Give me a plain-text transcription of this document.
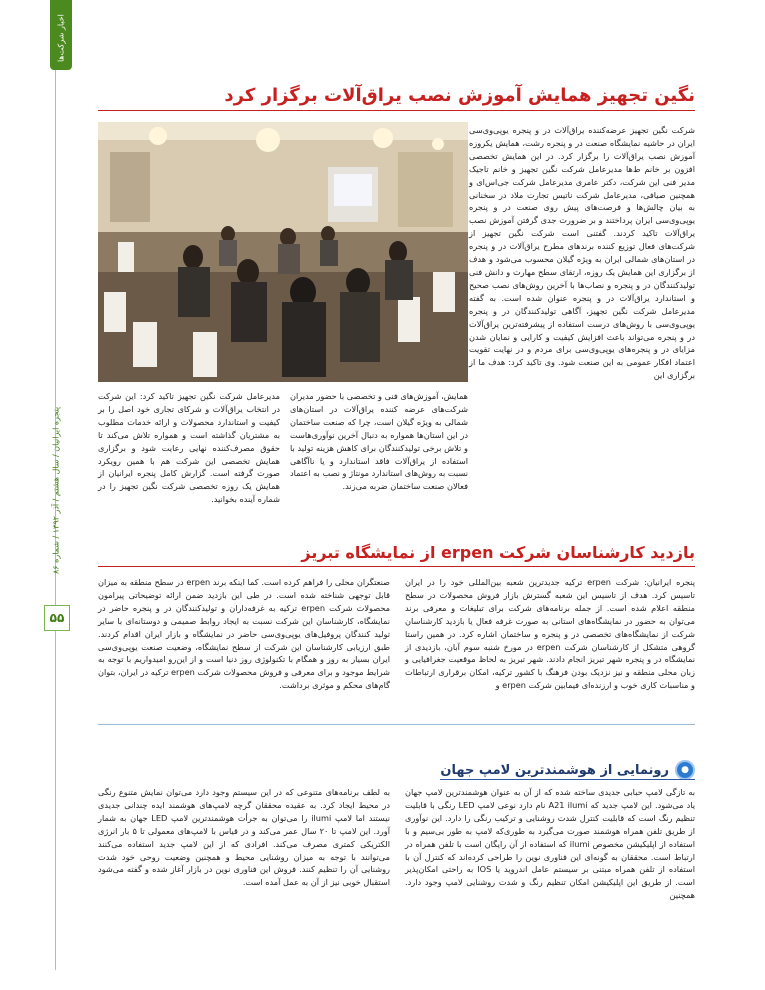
اخبار شرکت‌ها
پنجره ایرانیان / سال هشتم / آذر ۱۳۹۲ / شماره ۸۶
۵۵
نگین تجهیز همایش آموزش نصب یراق‌آلات برگزار کرد

شرکت نگین تجهیز عرضه‌کننده یراق‌آلات در و پنجره یوپی‌وی‌سی ایران در حاشیه نمایشگاه صنعت در و پنجره رشت، همایش یکروزه آموزش نصب یراق‌آلات را برگزار کرد. در این همایش تخصصی افزون بر خانم ط‌ها مدیرعامل شرکت نگین تجهیز و خانم تاجیک مدیر فنی این شرکت، دکتر عامری مدیرعامل شرکت جی‌اس‌ای و همچنین صیافی، مدیرعامل شرکت ناتیس تجارت ملاد در سخنانی به بیان چالش‌ها و فرصت‌های پیش روی صنعت در و پنجره یوپی‌وی‌سی ایران پرداختند و بر ضرورت جدی گرفتن آموزش نصب یراق‌آلات تاکید کردند. گفتنی است شرکت نگین تجهیز از شرکت‌های فعال توزیع کننده برندهای مطرح یراق‌آلات در و پنجره در استان‌های شمالی ایران به ویژه گیلان محسوب می‌شود و هدف از برگزاری این همایش یک روزه، ارتقای سطح مهارت و دانش فنی تولیدکنندگان در و پنجره و نصاب‌ها با آخرین روش‌های نصب صحیح و استاندارد یراق‌آلات در و پنجره عنوان شده است. به گفته مدیرعامل شرکت نگین تجهیز، آگاهی تولیدکنندگان در و پنجره یوپی‌وی‌سی با روش‌های درست استفاده از پیشرفته‌ترین یراق‌آلات در و پنجره می‌تواند باعث افزایش کیفیت و کارایی و نمایان شدن مزایای در و پنجره‌های یوپی‌وی‌سی برای مردم و در نهایت تقویت اعتماد افکار عمومی به این صنعت شود. وی تاکید کرد: هدف ما از برگزاری این

همایش، آموزش‌های فنی و تخصصی با حضور مدیران شرکت‌های عرضه کننده یراق‌آلات در استان‌های شمالی به ویژه گیلان است، چرا که صنعت ساختمان در این استان‌ها همواره به دنبال آخرین نوآوری‌هاست و تلاش برخی تولیدکنندگان برای کاهش هزینه تولید با استفاده از یراق‌آلات فاقد استاندارد و یا ناآگاهی نسبت به روش‌های استاندارد مونتاژ و نصب به اعتماد فعالان صنعت ساختمان ضربه می‌زند.

مدیرعامل شرکت نگین تجهیز تاکید کرد: این شرکت در انتخاب یراق‌آلات و شرکای تجاری خود اصل را بر کیفیت و استاندارد محصولات و ارائه خدمات مطلوب به مشتریان گذاشته است و همواره تلاش می‌کند تا حقوق مصرف‌کننده نهایی رعایت شود و برگزاری همایش تخصصی این شرکت هم با همین رویکرد صورت گرفته است. گزارش کامل پنجره ایرانیان از همایش یک روزه تخصصی شرکت نگین تجهیز را در شماره آینده بخوانید.

بازدید کارشناسان شرکت erpen از نمایشگاه تبریز

پنجره ایرانیان: شرکت erpen ترکیه جدیدترین شعبه بین‌المللی خود را در ایران تاسیس کرد. هدف از تاسیس این شعبه گسترش بازار فروش محصولات در سطح منطقه اعلام شده است. از جمله برنامه‌های شرکت برای تبلیغات و معرفی برند می‌توان به حضور در نمایشگاه‌های استانی به صورت غرفه فعال یا بازدید کارشناسان شرکت از نمایشگاه‌های تخصصی در و پنجره و ساختمان اشاره کرد. در همین راستا گروهی متشکل از کارشناسان شرکت erpen در مورخ شنبه سوم آبان، بازدیدی از نمایشگاه در و پنجره شهر تبریز انجام دادند. شهر تبریز به لحاظ موقعیت جغرافیایی و زبان محلی منطقه و نیز نزدیک بودن فرهنگ با کشور ترکیه، امکان برقراری ارتباطات و مناسبات کاری خوب و ارزنده‌ای فیمابین شرکت erpen و

صنعتگران محلی را فراهم کرده است. کما اینکه برند erpen در سطح منطقه به میزان قابل توجهی شناخته شده است. در طی این بازدید ضمن ارائه توضیحاتی پیرامون محصولات شرکت erpen ترکیه به غرفه‌داران و تولیدکنندگان در و پنجره حاضر در نمایشگاه، کارشناسان این شرکت نسبت به ایجاد روابط صمیمی و دوستانه‌ای با سایر تولید کنندگان پروفیل‌های یوپی‌وی‌سی حاضر در نمایشگاه و بازار ایران اقدام کردند. طبق ارزیابی کارشناسان این شرکت از سطح نمایشگاه، وضعیت صنعت یوپی‌وی‌سی ایران بسیار به روز و همگام با تکنولوژی روز دنیا است و از این‌رو امیدواریم با توجه به شرایط موجود و برای معرفی و فروش محصولات شرکت erpen ترکیه در ایران، بتوان گام‌های محکم و موثری برداشت.

●
رونمایی از هوشمندترین لامپ جهان

به تازگی لامپ حبابی جدیدی ساخته شده که از آن به عنوان هوشمندترین لامپ جهان یاد می‌شود. این لامپ جدید که A21 ilumi نام دارد نوعی لامپ LED رنگی با قابلیت تنظیم رنگ است که قابلیت کنترل شدت روشنایی و ترکیب رنگی را دارد. این نوآوری از طریق تلفن همراه هوشمند صورت می‌گیرد به طوری‌که لامپ به طور بی‌سیم و با استفاده از اپلیکیشن مخصوص ilumi که استفاده از آن رایگان است با تلفن همراه در ارتباط است. محققان به گونه‌ای این فناوری نوین را طراحی کرده‌اند که کنترل آن با استفاده از تلفن همراه مبتنی بر سیستم عامل اندروید یا IOS به راحتی امکان‌پذیر است. از طریق این اپلیکیشن امکان تنظیم رنگ و شدت روشنایی لامپ وجود دارد. همچنین

به لطف برنامه‌های متنوعی که در این سیستم وجود دارد می‌توان نمایش متنوع رنگی در محیط ایجاد کرد. به عقیده محققان گرچه لامپ‌های هوشمند ایده چندانی جدیدی نیستند اما لامپ ilumi را می‌توان به جرأت هوشمندترین لامپ LED جهان به شمار آورد. این لامپ تا ۲۰ سال عمر می‌کند و در قیاس با لامپ‌های معمولی تا ۵ بار انرژی الکتریکی کمتری مصرف می‌کند. افرادی که از این لامپ جدید استفاده می‌کنند می‌توانند با توجه به میزان روشنایی محیط و همچنین وضعیت روحی خود شدت روشنایی آن را تنظیم کنند. فروش این فناوری نوین در بازار آغاز شده و گفته می‌شود استقبال خوبی نیز از آن به عمل آمده است.
